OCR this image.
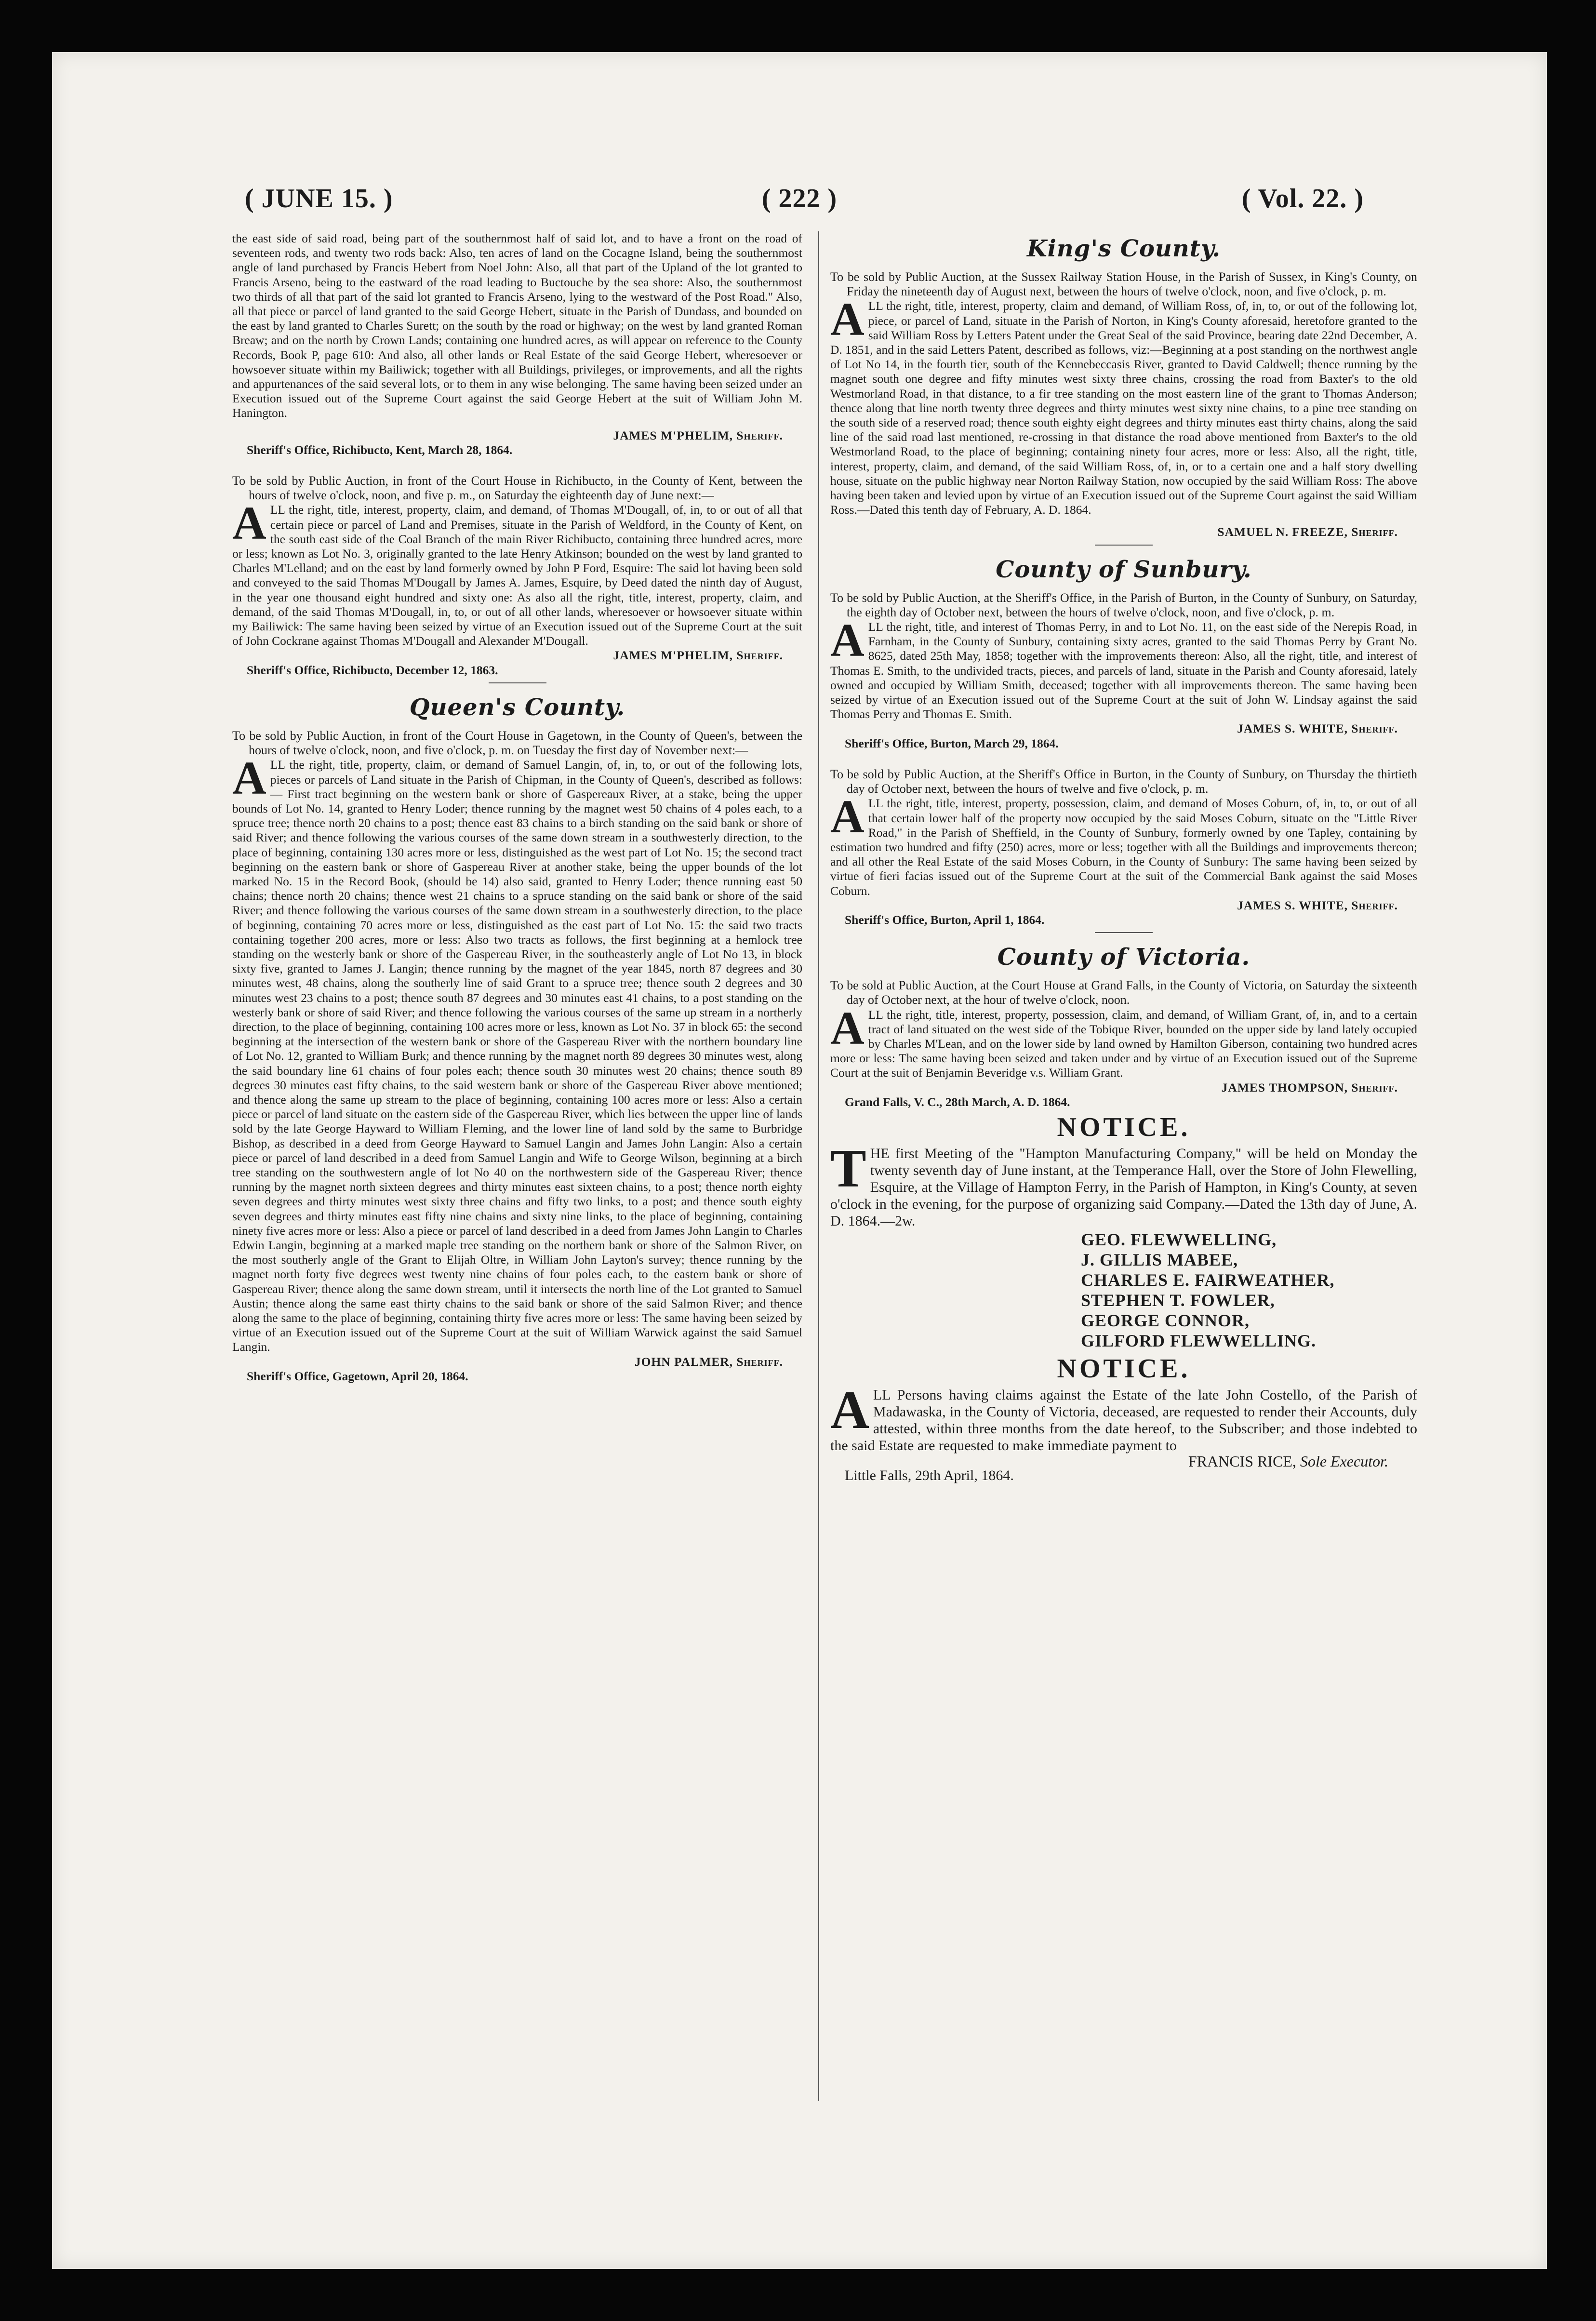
( JUNE 15. )	( 222 )	( Vol. 22. )

the east side of said road, being part of the southernmost half of said lot, and to have a front on the road of seventeen rods, and twenty two rods back: Also, ten acres of land on the Cocagne Island, being the southernmost angle of land purchased by Francis Hebert from Noel John: Also, all that part of the Upland of the lot granted to Francis Arseno, being to the eastward of the road leading to Buctouche by the sea shore: Also, the southernmost two thirds of all that part of the said lot granted to Francis Arseno, lying to the westward of the Post Road." Also, all that piece or parcel of land granted to the said George Hebert, situate in the Parish of Dundass, and bounded on the east by land granted to Charles Surett; on the south by the road or highway; on the west by land granted Roman Breaw; and on the north by Crown Lands; containing one hundred acres, as will appear on reference to the County Records, Book P, page 610: And also, all other lands or Real Estate of the said George Hebert, wheresoever or howsoever situate within my Bailiwick; together with all Buildings, privileges, or improvements, and all the rights and appurtenances of the said several lots, or to them in any wise belonging. The same having been seized under an Execution issued out of the Supreme Court against the said George Hebert at the suit of William John M. Hanington.

JAMES M'PHELIM, Sheriff.

Sheriff's Office, Richibucto, Kent, March 28, 1864.

To be sold by Public Auction, in front of the Court House in Richibucto, in the County of Kent, between the hours of twelve o'clock, noon, and five p. m., on Saturday the eighteenth day of June next:—

A LL the right, title, interest, property, claim, and demand, of Thomas M'Dougall, of, in, to or out of all that certain piece or parcel of Land and Premises, situate in the Parish of Weldford, in the County of Kent, on the south east side of the Coal Branch of the main River Richibucto, containing three hundred acres, more or less; known as Lot No. 3, originally granted to the late Henry Atkinson; bounded on the west by land granted to Charles M'Lelland; and on the east by land formerly owned by John P Ford, Esquire: The said lot having been sold and conveyed to the said Thomas M'Dougall by James A. James, Esquire, by Deed dated the ninth day of August, in the year one thousand eight hundred and sixty one: As also all the right, title, interest, property, claim, and demand, of the said Thomas M'Dougall, in, to, or out of all other lands, wheresoever or howsoever situate within my Bailiwick: The same having been seized by virtue of an Execution issued out of the Supreme Court at the suit of John Cockrane against Thomas M'Dougall and Alexander M'Dougall.

JAMES M'PHELIM, Sheriff.

Sheriff's Office, Richibucto, December 12, 1863.

Queen's County.

To be sold by Public Auction, in front of the Court House in Gagetown, in the County of Queen's, between the hours of twelve o'clock, noon, and five o'clock, p. m. on Tuesday the first day of November next:—

A LL the right, title, property, claim, or demand of Samuel Langin, of, in, to, or out of the following lots, pieces or parcels of Land situate in the Parish of Chipman, in the County of Queen's, described as follows:— First tract beginning on the western bank or shore of Gaspereaux River, at a stake, being the upper bounds of Lot No. 14, granted to Henry Loder; thence running by the magnet west 50 chains of 4 poles each, to a spruce tree; thence north 20 chains to a post; thence east 83 chains to a birch standing on the said bank or shore of said River; and thence following the various courses of the same down stream in a southwesterly direction, to the place of beginning, containing 130 acres more or less, distinguished as the west part of Lot No. 15; the second tract beginning on the eastern bank or shore of Gaspereau River at another stake, being the upper bounds of the lot marked No. 15 in the Record Book, (should be 14) also said, granted to Henry Loder; thence running east 50 chains; thence north 20 chains; thence west 21 chains to a spruce standing on the said bank or shore of the said River; and thence following the various courses of the same down stream in a southwesterly direction, to the place of beginning, containing 70 acres more or less, distinguished as the east part of Lot No. 15: the said two tracts containing together 200 acres, more or less: Also two tracts as follows, the first beginning at a hemlock tree standing on the westerly bank or shore of the Gaspereau River, in the southeasterly angle of Lot No 13, in block sixty five, granted to James J. Langin; thence running by the magnet of the year 1845, north 87 degrees and 30 minutes west, 48 chains, along the southerly line of said Grant to a spruce tree; thence south 2 degrees and 30 minutes west 23 chains to a post; thence south 87 degrees and 30 minutes east 41 chains, to a post standing on the westerly bank or shore of said River; and thence following the various courses of the same up stream in a northerly direction, to the place of beginning, containing 100 acres more or less, known as Lot No. 37 in block 65: the second beginning at the intersection of the western bank or shore of the Gaspereau River with the northern boundary line of Lot No. 12, granted to William Burk; and thence running by the magnet north 89 degrees 30 minutes west, along the said boundary line 61 chains of four poles each; thence south 30 minutes west 20 chains; thence south 89 degrees 30 minutes east fifty chains, to the said western bank or shore of the Gaspereau River above mentioned; and thence along the same up stream to the place of beginning, containing 100 acres more or less: Also a certain piece or parcel of land situate on the eastern side of the Gaspereau River, which lies between the upper line of lands sold by the late George Hayward to William Fleming, and the lower line of land sold by the same to Burbridge Bishop, as described in a deed from George Hayward to Samuel Langin and James John Langin: Also a certain piece or parcel of land described in a deed from Samuel Langin and Wife to George Wilson, beginning at a birch tree standing on the southwestern angle of lot No 40 on the northwestern side of the Gaspereau River; thence running by the magnet north sixteen degrees and thirty minutes east sixteen chains, to a post; thence north eighty seven degrees and thirty minutes west sixty three chains and fifty two links, to a post; and thence south eighty seven degrees and thirty minutes east fifty nine chains and sixty nine links, to the place of beginning, containing ninety five acres more or less: Also a piece or parcel of land described in a deed from James John Langin to Charles Edwin Langin, beginning at a marked maple tree standing on the northern bank or shore of the Salmon River, on the most southerly angle of the Grant to Elijah Oltre, in William John Layton's survey; thence running by the magnet north forty five degrees west twenty nine chains of four poles each, to the eastern bank or shore of Gaspereau River; thence along the same down stream, until it intersects the north line of the Lot granted to Samuel Austin; thence along the same east thirty chains to the said bank or shore of the said Salmon River; and thence along the same to the place of beginning, containing thirty five acres more or less: The same having been seized by virtue of an Execution issued out of the Supreme Court at the suit of William Warwick against the said Samuel Langin.

JOHN PALMER, Sheriff.

Sheriff's Office, Gagetown, April 20, 1864.

King's County.

To be sold by Public Auction, at the Sussex Railway Station House, in the Parish of Sussex, in King's County, on Friday the nineteenth day of August next, between the hours of twelve o'clock, noon, and five o'clock, p. m.

A LL the right, title, interest, property, claim and demand, of William Ross, of, in, to, or out of the following lot, piece, or parcel of Land, situate in the Parish of Norton, in King's County aforesaid, heretofore granted to the said William Ross by Letters Patent under the Great Seal of the said Province, bearing date 22nd December, A. D. 1851, and in the said Letters Patent, described as follows, viz:—Beginning at a post standing on the northwest angle of Lot No 14, in the fourth tier, south of the Kennebeccasis River, granted to David Caldwell; thence running by the magnet south one degree and fifty minutes west sixty three chains, crossing the road from Baxter's to the old Westmorland Road, in that distance, to a fir tree standing on the most eastern line of the grant to Thomas Anderson; thence along that line north twenty three degrees and thirty minutes west sixty nine chains, to a pine tree standing on the south side of a reserved road; thence south eighty eight degrees and thirty minutes east thirty chains, along the said line of the said road last mentioned, re-crossing in that distance the road above mentioned from Baxter's to the old Westmorland Road, to the place of beginning; containing ninety four acres, more or less: Also, all the right, title, interest, property, claim, and demand, of the said William Ross, of, in, or to a certain one and a half story dwelling house, situate on the public highway near Norton Railway Station, now occupied by the said William Ross: The above having been taken and levied upon by virtue of an Execution issued out of the Supreme Court against the said William Ross.—Dated this tenth day of February, A. D. 1864.

SAMUEL N. FREEZE, Sheriff.

County of Sunbury.

To be sold by Public Auction, at the Sheriff's Office, in the Parish of Burton, in the County of Sunbury, on Saturday, the eighth day of October next, between the hours of twelve o'clock, noon, and five o'clock, p. m.

A LL the right, title, and interest of Thomas Perry, in and to Lot No. 11, on the east side of the Nerepis Road, in Farnham, in the County of Sunbury, containing sixty acres, granted to the said Thomas Perry by Grant No. 8625, dated 25th May, 1858; together with the improvements thereon: Also, all the right, title, and interest of Thomas E. Smith, to the undivided tracts, pieces, and parcels of land, situate in the Parish and County aforesaid, lately owned and occupied by William Smith, deceased; together with all improvements thereon. The same having been seized by virtue of an Execution issued out of the Supreme Court at the suit of John W. Lindsay against the said Thomas Perry and Thomas E. Smith.

JAMES S. WHITE, Sheriff.

Sheriff's Office, Burton, March 29, 1864.

To be sold by Public Auction, at the Sheriff's Office in Burton, in the County of Sunbury, on Thursday the thirtieth day of October next, between the hours of twelve and five o'clock, p. m.

A LL the right, title, interest, property, possession, claim, and demand of Moses Coburn, of, in, to, or out of all that certain lower half of the property now occupied by the said Moses Coburn, situate on the "Little River Road," in the Parish of Sheffield, in the County of Sunbury, formerly owned by one Tapley, containing by estimation two hundred and fifty (250) acres, more or less; together with all the Buildings and improvements thereon; and all other the Real Estate of the said Moses Coburn, in the County of Sunbury: The same having been seized by virtue of fieri facias issued out of the Supreme Court at the suit of the Commercial Bank against the said Moses Coburn.

JAMES S. WHITE, Sheriff.

Sheriff's Office, Burton, April 1, 1864.

County of Victoria.

To be sold at Public Auction, at the Court House at Grand Falls, in the County of Victoria, on Saturday the sixteenth day of October next, at the hour of twelve o'clock, noon.

A LL the right, title, interest, property, possession, claim, and demand, of William Grant, of, in, and to a certain tract of land situated on the west side of the Tobique River, bounded on the upper side by land lately occupied by Charles M'Lean, and on the lower side by land owned by Hamilton Giberson, containing two hundred acres more or less: The same having been seized and taken under and by virtue of an Execution issued out of the Supreme Court at the suit of Benjamin Beveridge v.s. William Grant.

JAMES THOMPSON, Sheriff.

Grand Falls, V. C., 28th March, A. D. 1864.

NOTICE.
T HE first Meeting of the "Hampton Manufacturing Company," will be held on Monday the twenty seventh day of June instant, at the Temperance Hall, over the Store of John Flewelling, Esquire, at the Village of Hampton Ferry, in the Parish of Hampton, in King's County, at seven o'clock in the evening, for the purpose of organizing said Company.—Dated the 13th day of June, A. D. 1864.—2w.

GEO. FLEWWELLING,

J. GILLIS MABEE,

CHARLES E. FAIRWEATHER,

STEPHEN T. FOWLER,

GEORGE CONNOR,

GILFORD FLEWWELLING.

NOTICE.
A LL Persons having claims against the Estate of the late John Costello, of the Parish of Madawaska, in the County of Victoria, deceased, are requested to render their Accounts, duly attested, within three months from the date hereof, to the Subscriber; and those indebted to the said Estate are requested to make immediate payment to

FRANCIS RICE, Sole Executor.

Little Falls, 29th April, 1864.
